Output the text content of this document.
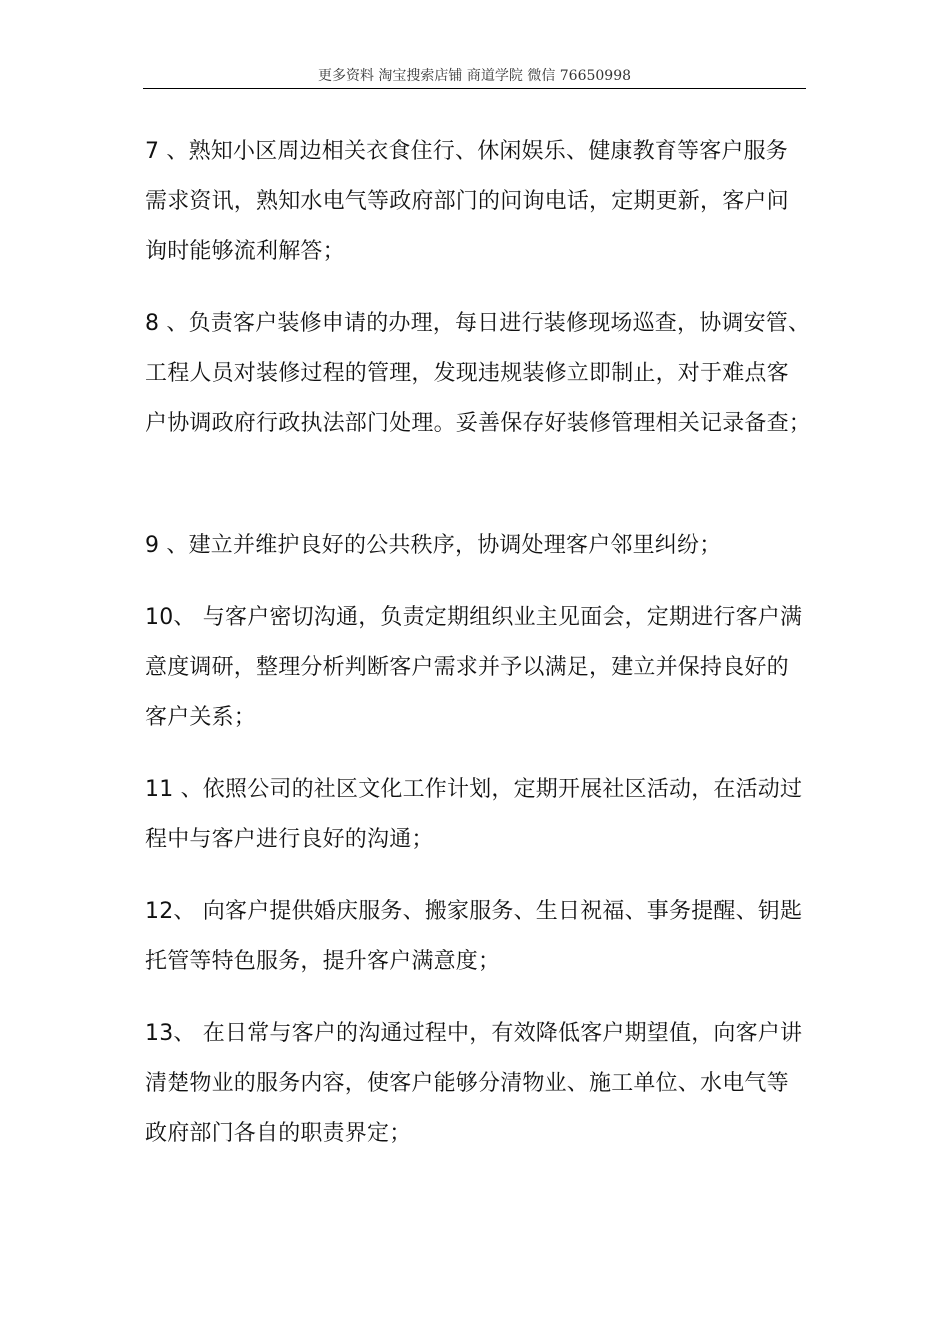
更多资料 淘宝搜索店铺 商道学院 微信 76650998

7 、熟知小区周边相关衣食住行、休闲娱乐、健康教育等客户服务
需求资讯，熟知水电气等政府部门的问询电话，定期更新，客户问
询时能够流利解答；

8 、负责客户装修申请的办理，每日进行装修现场巡查，协调安管、
工程人员对装修过程的管理，发现违规装修立即制止，对于难点客
户协调政府行政执法部门处理。妥善保存好装修管理相关记录备查；

9 、建立并维护良好的公共秩序，协调处理客户邻里纠纷；

10、 与客户密切沟通，负责定期组织业主见面会，定期进行客户满
意度调研，整理分析判断客户需求并予以满足，建立并保持良好的
客户关系；

11 、依照公司的社区文化工作计划，定期开展社区活动，在活动过
程中与客户进行良好的沟通；

12、 向客户提供婚庆服务、搬家服务、生日祝福、事务提醒、钥匙
托管等特色服务，提升客户满意度；

13、 在日常与客户的沟通过程中，有效降低客户期望值，向客户讲
清楚物业的服务内容，使客户能够分清物业、施工单位、水电气等
政府部门各自的职责界定；
